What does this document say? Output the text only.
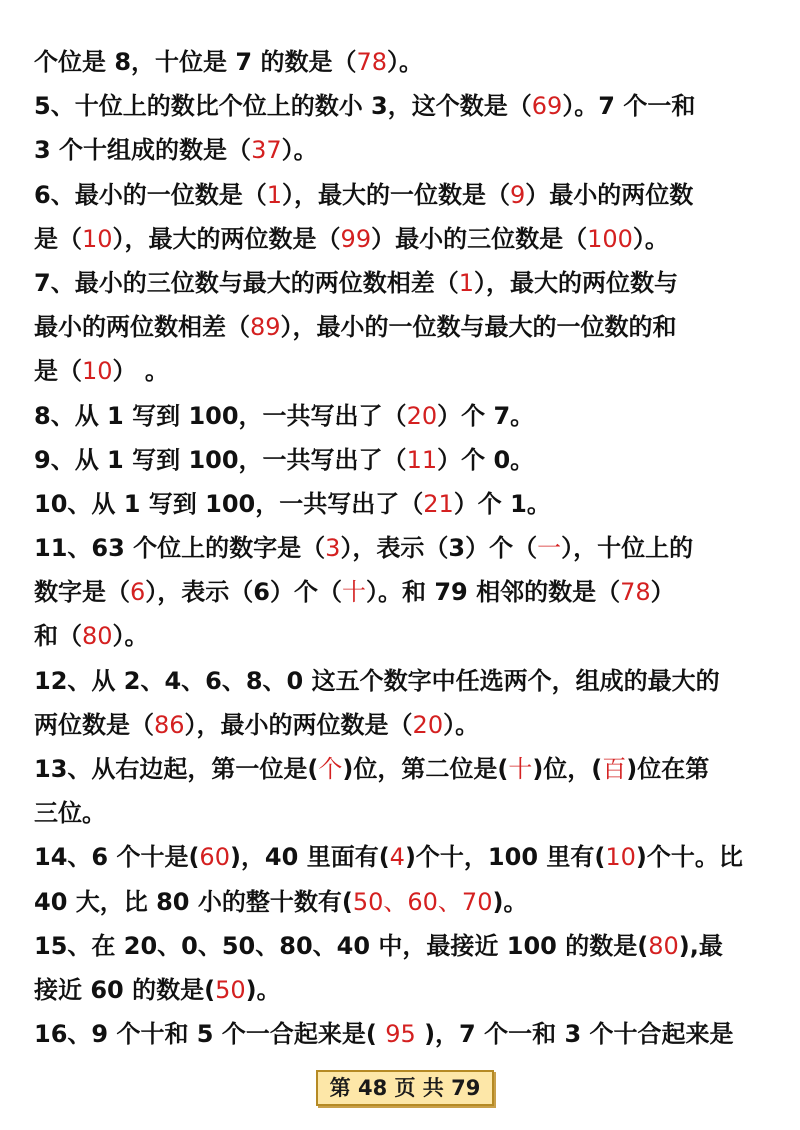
个位是 8，十位是 7 的数是（78）。
5、十位上的数比个位上的数小 3，这个数是（69）。7 个一和
3 个十组成的数是（37）。
6、最小的一位数是（1），最大的一位数是（9）最小的两位数
是（10），最大的两位数是（99）最小的三位数是（100）。
7、最小的三位数与最大的两位数相差（1），最大的两位数与
最小的两位数相差（89），最小的一位数与最大的一位数的和
是（10） 。
8、从 1 写到 100，一共写出了（20）个 7。
9、从 1 写到 100，一共写出了（11）个 0。
10、从 1 写到 100，一共写出了（21）个 1。
11、63 个位上的数字是（3），表示（3）个（一），十位上的
数字是（6），表示（6）个（十）。和 79 相邻的数是（78）
和（80）。
12、从 2、4、6、8、0 这五个数字中任选两个，组成的最大的
两位数是（86），最小的两位数是（20）。
13、从右边起，第一位是(个)位，第二位是(十)位，(百)位在第
三位。
14、6 个十是(60)，40 里面有(4)个十，100 里有(10)个十。比
40 大，比 80 小的整十数有(50、60、70)。
15、在 20、0、50、80、40 中，最接近 100 的数是(80),最
接近 60 的数是(50)。
16、9 个十和 5 个一合起来是( 95 )，7 个一和 3 个十合起来是
第 48 页 共 79
